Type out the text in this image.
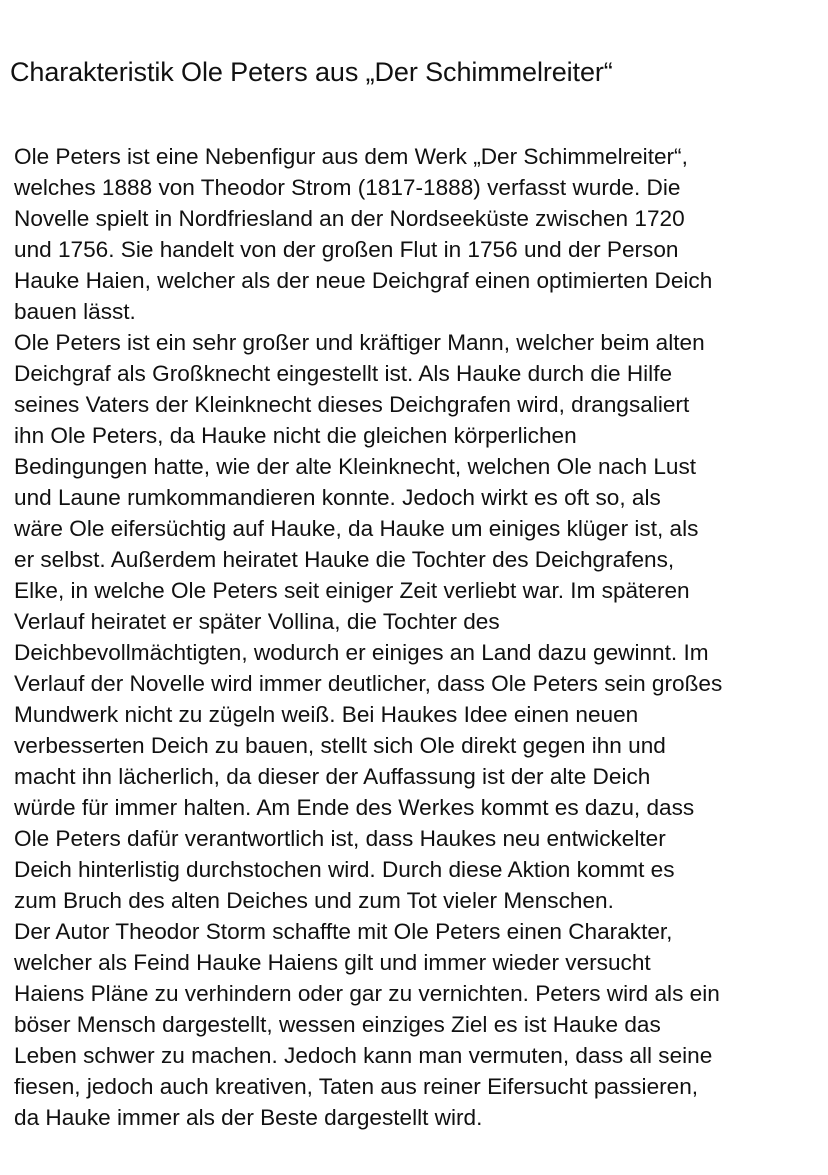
Charakteristik Ole Peters aus „Der Schimmelreiter“
Ole Peters ist eine Nebenfigur aus dem Werk „Der Schimmelreiter“,
welches 1888 von Theodor Strom (1817-1888) verfasst wurde. Die
Novelle spielt in Nordfriesland an der Nordseeküste zwischen 1720
und 1756. Sie handelt von der großen Flut in 1756 und der Person
Hauke Haien, welcher als der neue Deichgraf einen optimierten Deich
bauen lässt.
Ole Peters ist ein sehr großer und kräftiger Mann, welcher beim alten
Deichgraf als Großknecht eingestellt ist. Als Hauke durch die Hilfe
seines Vaters der Kleinknecht dieses Deichgrafen wird, drangsaliert
ihn Ole Peters, da Hauke nicht die gleichen körperlichen
Bedingungen hatte, wie der alte Kleinknecht, welchen Ole nach Lust
und Laune rumkommandieren konnte. Jedoch wirkt es oft so, als
wäre Ole eifersüchtig auf Hauke, da Hauke um einiges klüger ist, als
er selbst. Außerdem heiratet Hauke die Tochter des Deichgrafens,
Elke, in welche Ole Peters seit einiger Zeit verliebt war. Im späteren
Verlauf heiratet er später Vollina, die Tochter des
Deichbevollmächtigten, wodurch er einiges an Land dazu gewinnt. Im
Verlauf der Novelle wird immer deutlicher, dass Ole Peters sein großes
Mundwerk nicht zu zügeln weiß. Bei Haukes Idee einen neuen
verbesserten Deich zu bauen, stellt sich Ole direkt gegen ihn und
macht ihn lächerlich, da dieser der Auffassung ist der alte Deich
würde für immer halten. Am Ende des Werkes kommt es dazu, dass
Ole Peters dafür verantwortlich ist, dass Haukes neu entwickelter
Deich hinterlistig durchstochen wird. Durch diese Aktion kommt es
zum Bruch des alten Deiches und zum Tot vieler Menschen.
Der Autor Theodor Storm schaffte mit Ole Peters einen Charakter,
welcher als Feind Hauke Haiens gilt und immer wieder versucht
Haiens Pläne zu verhindern oder gar zu vernichten. Peters wird als ein
böser Mensch dargestellt, wessen einziges Ziel es ist Hauke das
Leben schwer zu machen. Jedoch kann man vermuten, dass all seine
fiesen, jedoch auch kreativen, Taten aus reiner Eifersucht passieren,
da Hauke immer als der Beste dargestellt wird.
